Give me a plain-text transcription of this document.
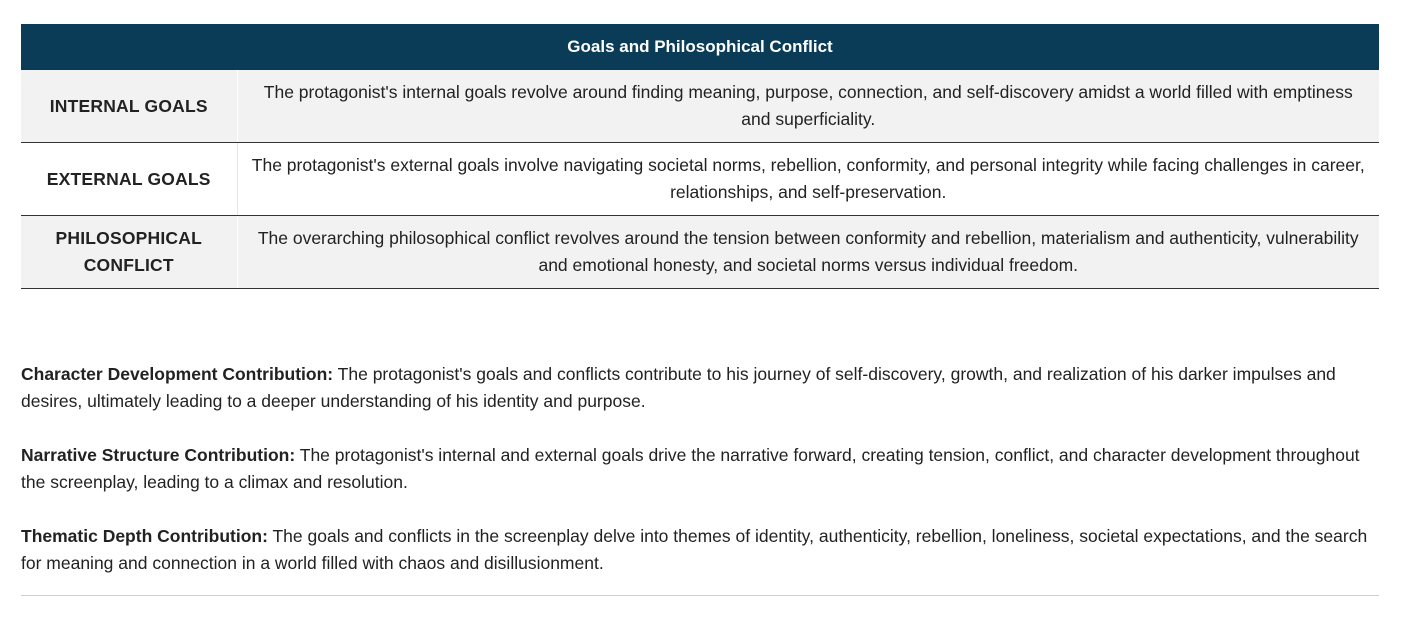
Goals and Philosophical Conflict	
INTERNAL GOALS	The protagonist's internal goals revolve around finding meaning, purpose, connection, and self-discovery amidst a world filled with emptiness and superficiality.
EXTERNAL GOALS	The protagonist's external goals involve navigating societal norms, rebellion, conformity, and personal integrity while facing challenges in career, relationships, and self-preservation.
PHILOSOPHICAL CONFLICT	The overarching philosophical conflict revolves around the tension between conformity and rebellion, materialism and authenticity, vulnerability and emotional honesty, and societal norms versus individual freedom.

Character Development Contribution: The protagonist's goals and conflicts contribute to his journey of self-discovery, growth, and realization of his darker impulses and desires, ultimately leading to a deeper understanding of his identity and purpose.

Narrative Structure Contribution: The protagonist's internal and external goals drive the narrative forward, creating tension, conflict, and character development throughout the screenplay, leading to a climax and resolution.

Thematic Depth Contribution: The goals and conflicts in the screenplay delve into themes of identity, authenticity, rebellion, loneliness, societal expectations, and the search for meaning and connection in a world filled with chaos and disillusionment.
